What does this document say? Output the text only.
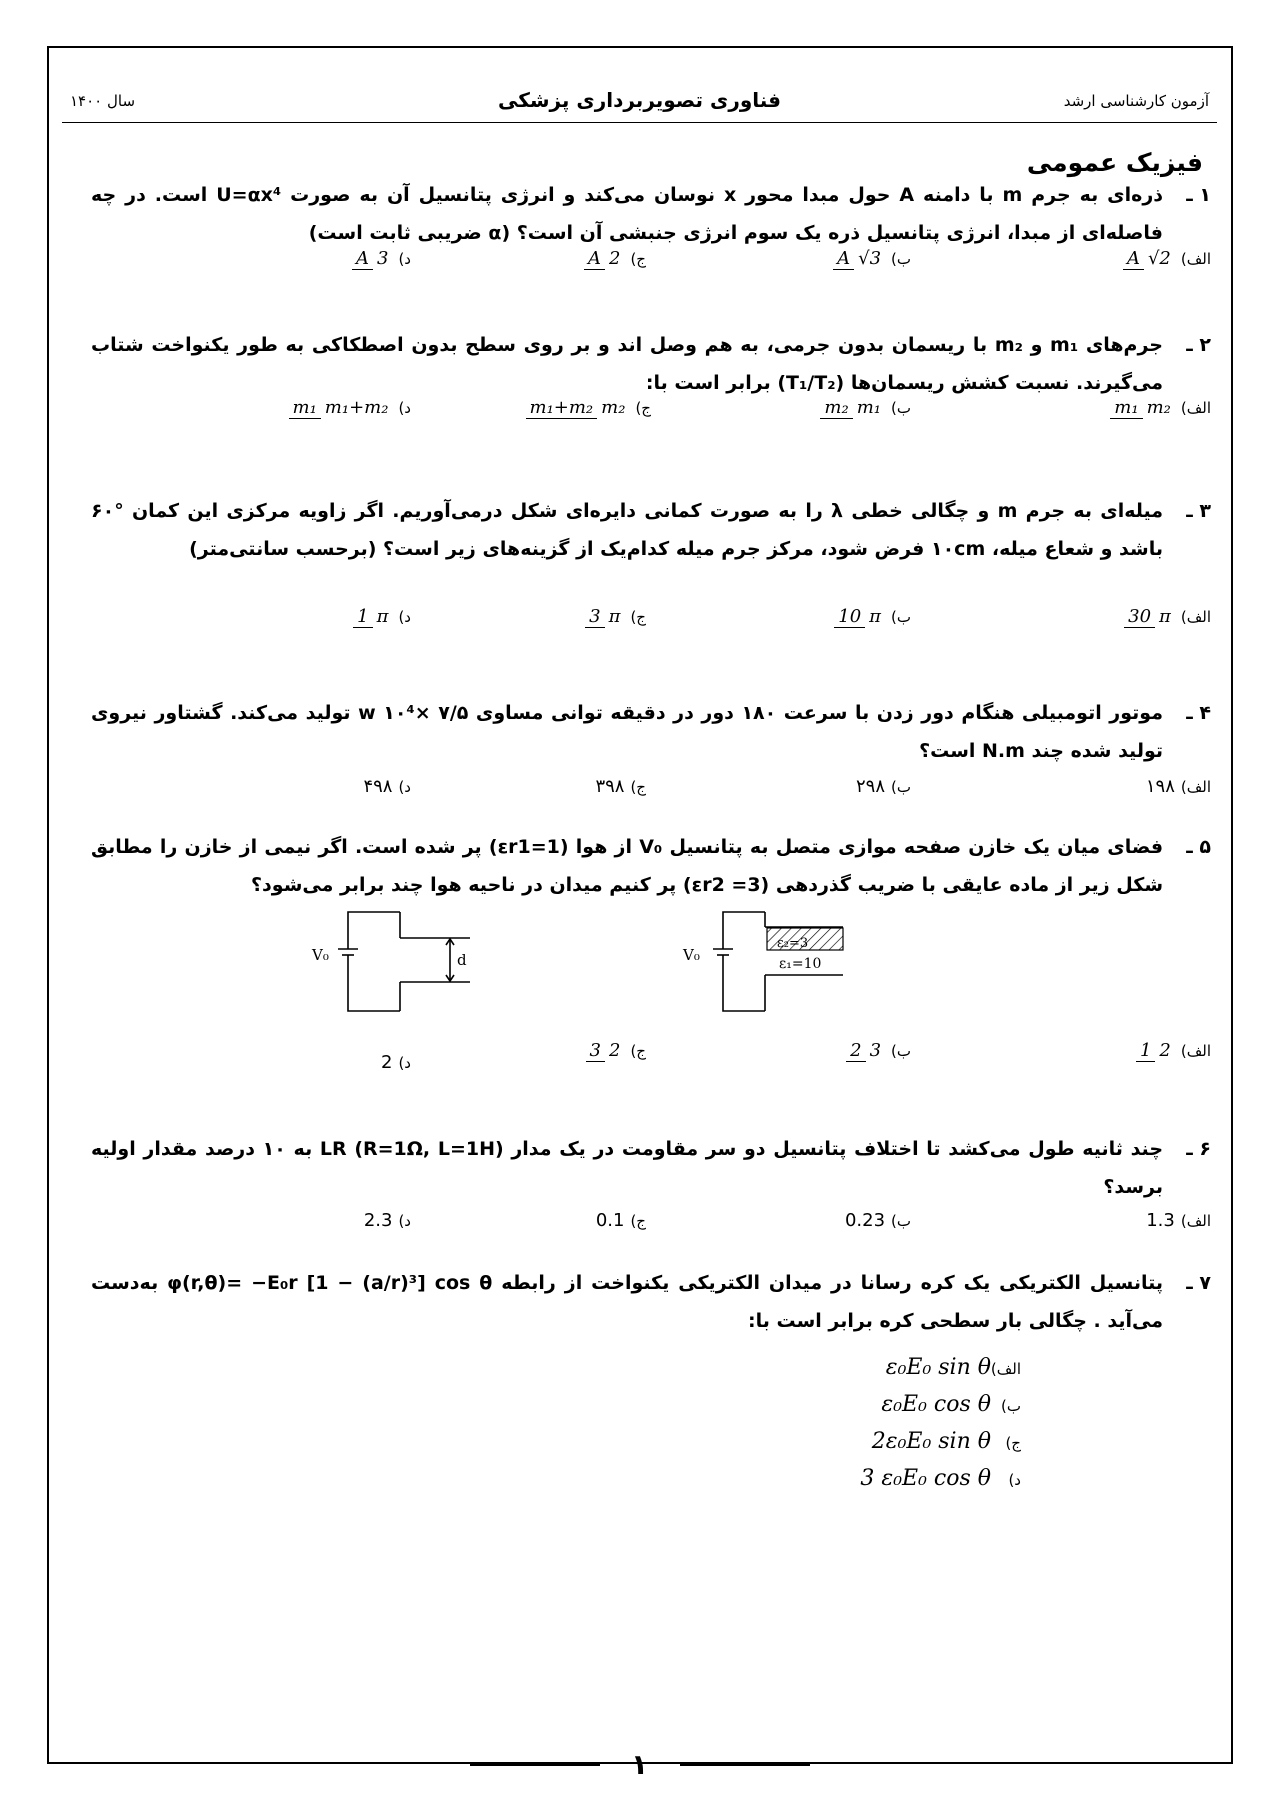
آزمون کارشناسی ارشد
فناوری تصویربرداری پزشکی
سال ۱۴۰۰
فیزیک عمومی
۱ ـ
ذره‌ای به جرم m با دامنه A حول مبدا محور x نوسان می‌کند و انرژی پتانسیل آن به صورت U=αx⁴ است. در چه فاصله‌ای از مبدا، انرژی پتانسیل ذره یک سوم انرژی جنبشی آن است؟ (α ضریبی ثابت است)
الف)A √2
ب)A √3
ج)A 2
د)A 3
۲ ـ
جرم‌های m₁ و m₂ با ریسمان بدون جرمی، به هم وصل اند و بر روی سطح بدون اصطکاکی به طور یکنواخت شتاب می‌گیرند. نسبت کشش ریسمان‌ها (T₁/T₂) برابر است با:
الف)m₁ m₂
ب)m₂ m₁
ج)m₁+m₂ m₂
د)m₁ m₁+m₂
۳ ـ
میله‌ای به جرم m و چگالی خطی λ را به صورت کمانی دایره‌ای شکل درمی‌آوریم. اگر زاویه مرکزی این کمان °۶۰ باشد و شعاع میله، ۱۰cm فرض شود، مرکز جرم میله کدام‌یک از گزینه‌های زیر است؟ (برحسب سانتی‌متر)
الف)30 π
ب)10 π
ج)3 π
د)1 π
۴ ـ
موتور اتومبیلی هنگام دور زدن با سرعت ۱۸۰ دور در دقیقه توانی مساوی ۷/۵ ×۱۰⁴ w تولید می‌کند. گشتاور نیروی تولید شده چند N.m است؟
الف)۱۹۸
ب)۲۹۸
ج)۳۹۸
د)۴۹۸
۵ ـ
فضای میان یک خازن صفحه موازی متصل به پتانسیل V₀ از هوا (εr1=1) پر شده است. اگر نیمی از خازن را مطابق شکل زیر از ماده عایقی با ضریب گذردهی (εr2 =3) پر کنیم میدان در ناحیه هوا چند برابر می‌شود؟
V₀	d
ε₂=3
ε₁=10
V₀
الف)1 2
ب)2 3
ج)3 2
د)2
۶ ـ
چند ثانیه طول می‌کشد تا اختلاف پتانسیل دو سر مقاومت در یک مدار LR (R=1Ω, L=1H) به ۱۰ درصد مقدار اولیه برسد؟
الف)1.3
ب)0.23
ج)0.1
د)2.3
۷ ـ
پتانسیل الکتریکی یک کره رسانا در میدان الکتریکی یکنواخت از رابطه φ(r,θ)= −E₀r [1 − (a/r)³] cos θ به‌دست می‌آید . چگالی بار سطحی کره برابر است با:
الف)ε₀E₀ sin θ
ب)ε₀E₀ cos θ
ج)2ε₀E₀ sin θ
د)3 ε₀E₀ cos θ
۱
